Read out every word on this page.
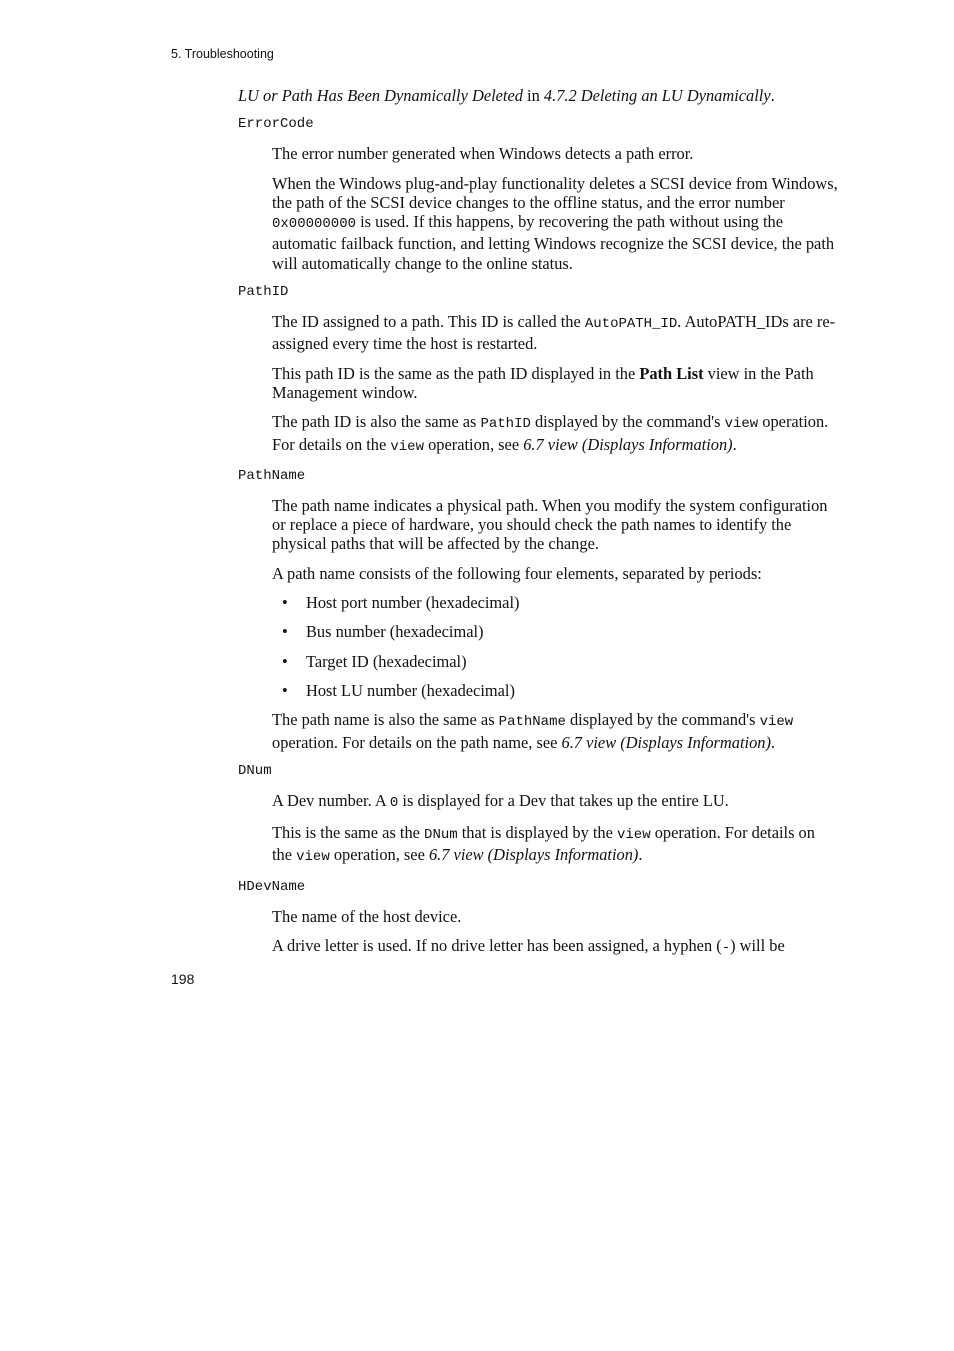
5. Troubleshooting

LU or Path Has Been Dynamically Deleted in 4.7.2 Deleting an LU Dynamically.

ErrorCode

The error number generated when Windows detects a path error.

When the Windows plug-and-play functionality deletes a SCSI device from Windows, the path of the SCSI device changes to the offline status, and the error number 0x00000000 is used. If this happens, by recovering the path without using the automatic failback function, and letting Windows recognize the SCSI device, the path will automatically change to the online status.

PathID

The ID assigned to a path. This ID is called the AutoPATH_ID. AutoPATH_IDs are re-assigned every time the host is restarted.

This path ID is the same as the path ID displayed in the Path List view in the Path Management window.

The path ID is also the same as PathID displayed by the command's view operation. For details on the view operation, see 6.7 view (Displays Information).

PathName

The path name indicates a physical path. When you modify the system configuration or replace a piece of hardware, you should check the path names to identify the physical paths that will be affected by the change.

A path name consists of the following four elements, separated by periods:

• Host port number (hexadecimal)
• Bus number (hexadecimal)
• Target ID (hexadecimal)
• Host LU number (hexadecimal)

The path name is also the same as PathName displayed by the command's view operation. For details on the path name, see 6.7 view (Displays Information).

DNum

A Dev number. A 0 is displayed for a Dev that takes up the entire LU.

This is the same as the DNum that is displayed by the view operation. For details on the view operation, see 6.7 view (Displays Information).

HDevName

The name of the host device.

A drive letter is used. If no drive letter has been assigned, a hyphen (-) will be

198
